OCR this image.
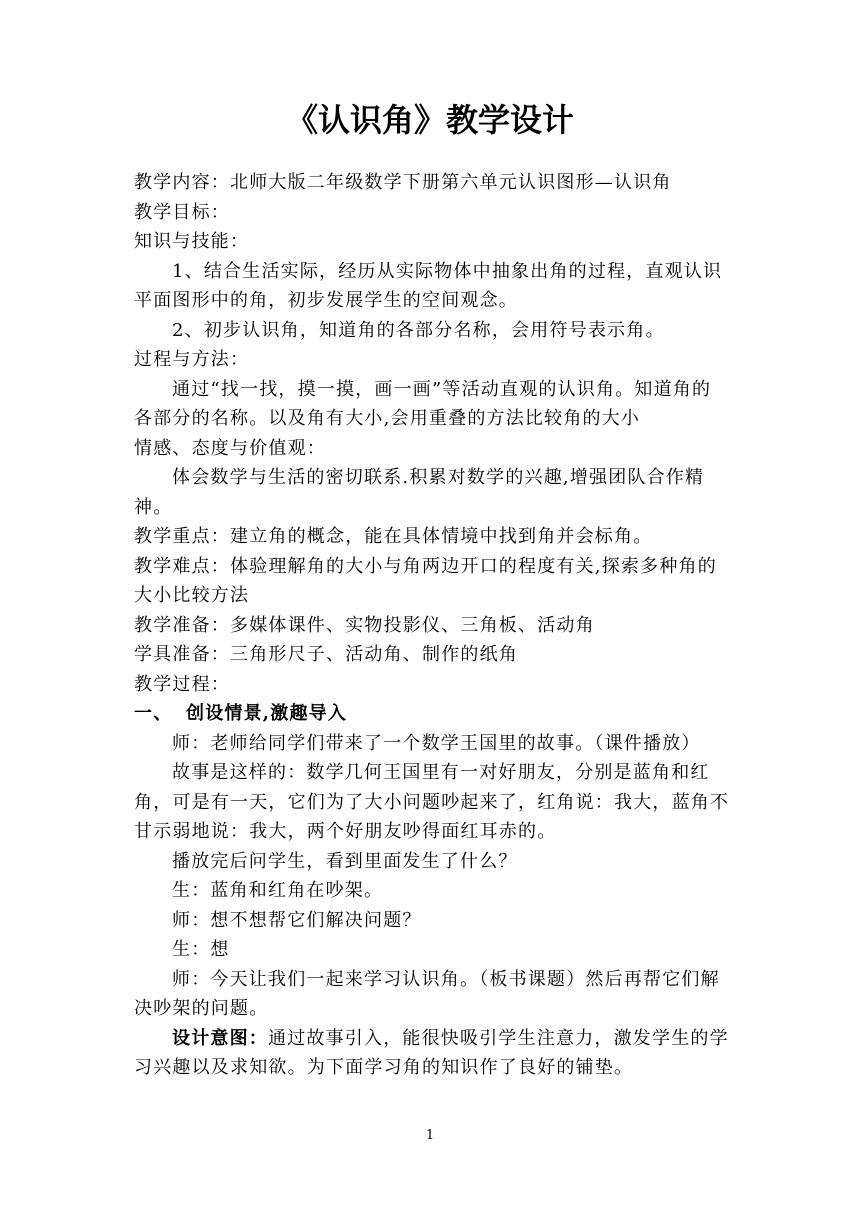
《认识角》教学设计

教学内容：北师大版二年级数学下册第六单元认识图形—认识角

教学目标：

知识与技能：

1、结合生活实际，经历从实际物体中抽象出角的过程，直观认识平面图形中的角，初步发展学生的空间观念。

2、初步认识角，知道角的各部分名称，会用符号表示角。

过程与方法：

通过“找一找，摸一摸，画一画”等活动直观的认识角。知道角的各部分的名称。以及角有大小,会用重叠的方法比较角的大小

情感、态度与价值观：

体会数学与生活的密切联系.积累对数学的兴趣,增强团队合作精神。

教学重点：建立角的概念，能在具体情境中找到角并会标角。

教学难点：体验理解角的大小与角两边开口的程度有关,探索多种角的大小比较方法

教学准备：多媒体课件、实物投影仪、三角板、活动角

学具准备：三角形尺子、活动角、制作的纸角

教学过程：

一、 创设情景,激趣导入

师：老师给同学们带来了一个数学王国里的故事。（课件播放）

故事是这样的：数学几何王国里有一对好朋友，分别是蓝角和红角，可是有一天，它们为了大小问题吵起来了，红角说：我大，蓝角不甘示弱地说：我大，两个好朋友吵得面红耳赤的。

播放完后问学生，看到里面发生了什么？

生：蓝角和红角在吵架。

师：想不想帮它们解决问题？

生：想

师：今天让我们一起来学习认识角。（板书课题）然后再帮它们解决吵架的问题。

设计意图：通过故事引入，能很快吸引学生注意力，激发学生的学习兴趣以及求知欲。为下面学习角的知识作了良好的铺垫。

1
